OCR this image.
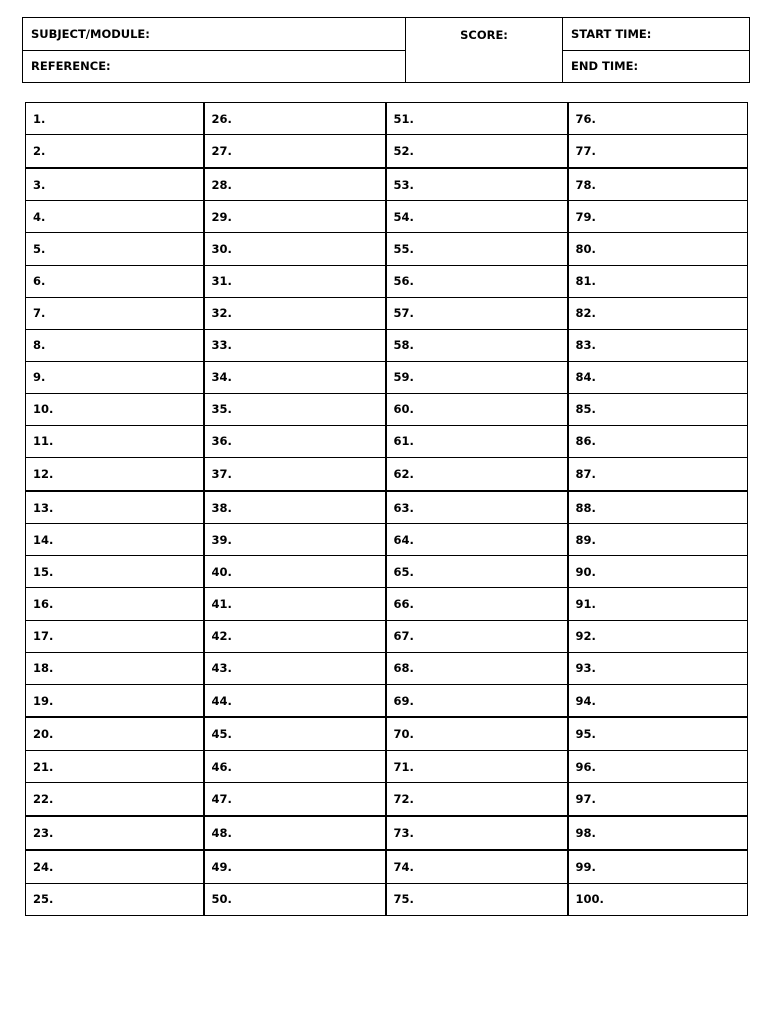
SUBJECT/MODULE:	SCORE:	START TIME:
REFERENCE:		END TIME:
1.	26.	51.	76.
2.	27.	52.	77.
3.	28.	53.	78.
4.	29.	54.	79.
5.	30.	55.	80.
6.	31.	56.	81.
7.	32.	57.	82.
8.	33.	58.	83.
9.	34.	59.	84.
10.	35.	60.	85.
11.	36.	61.	86.
12.	37.	62.	87.
13.	38.	63.	88.
14.	39.	64.	89.
15.	40.	65.	90.
16.	41.	66.	91.
17.	42.	67.	92.
18.	43.	68.	93.
19.	44.	69.	94.
20.	45.	70.	95.
21.	46.	71.	96.
22.	47.	72.	97.
23.	48.	73.	98.
24.	49.	74.	99.
25.	50.	75.	100.
